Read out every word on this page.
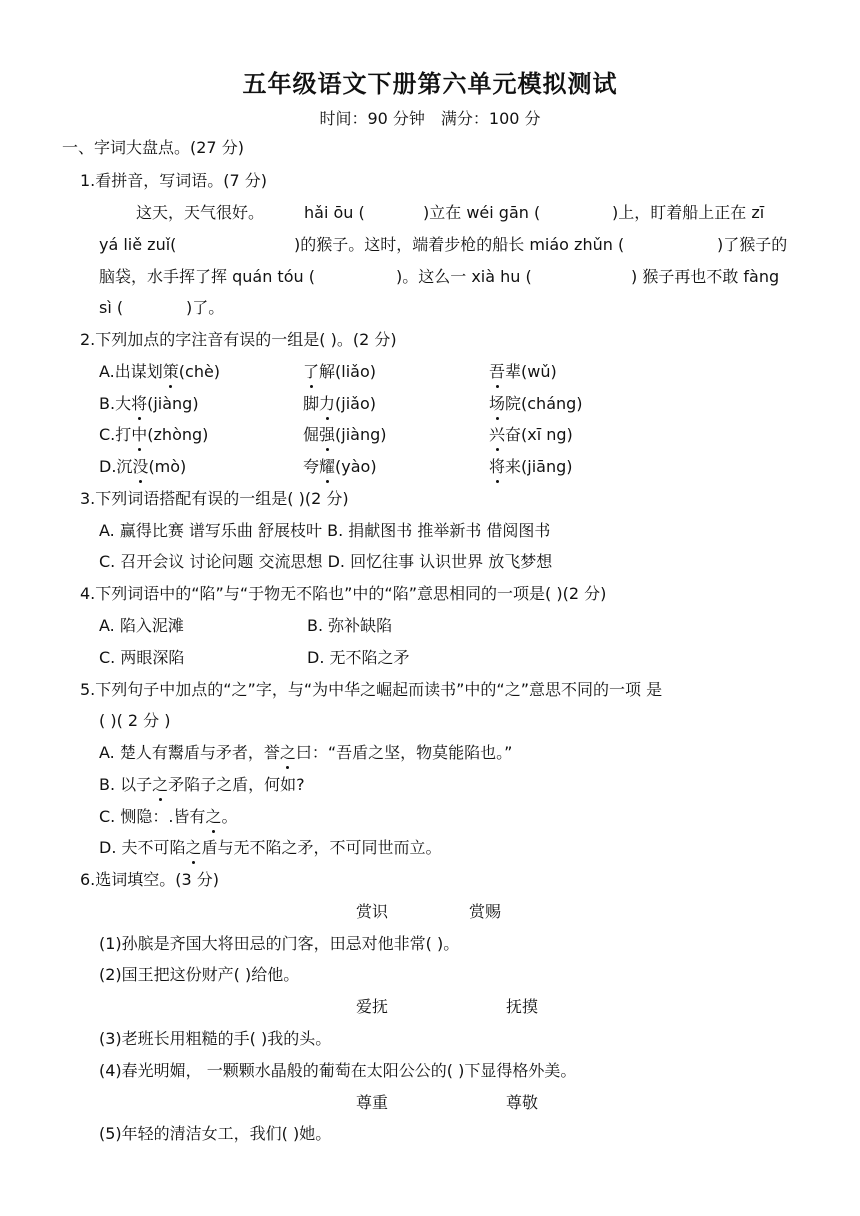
五年级语文下册第六单元模拟测试
时间：90 分钟　满分：100 分
一、字词大盘点。(27 分)
1.看拼音，写词语。(7 分)
这天，天气很好。 hǎi ōu (	)立在 wéi gān (	)上，盯着船上正在 zī
yá liě zuǐ(	)的猴子。这时，端着步枪的船长 miáo zhǔn (	)了猴子的
脑袋，水手挥了挥 quán tóu (	)。这么一 xià hu (	) 猴子再也不敢 fàng
sì (	)了。
2.下列加点的字注音有误的一组是( )。(2 分)
A.出谋划策(chè)	了解(liǎo)	吾辈(wǔ)
B.大将(jiàng)	脚力(jiǎo)	场院(cháng)
C.打中(zhòng)	倔强(jiàng)	兴奋(xī ng)
D.沉没(mò)	夸耀(yào)	将来(jiāng)
3.下列词语搭配有误的一组是( )(2 分)
A. 赢得比赛 谱写乐曲 舒展枝叶 B. 捐献图书 推举新书 借阅图书
C. 召开会议 讨论问题 交流思想 D. 回忆往事 认识世界 放飞梦想
4.下列词语中的“陷”与“于物无不陷也”中的“陷”意思相同的一项是( )(2 分)
A. 陷入泥滩	B. 弥补缺陷
C. 两眼深陷	D. 无不陷之矛
5.下列句子中加点的“之”字，与“为中华之崛起而读书”中的“之”意思不同的一项 是
( )( 2 分 )
A. 楚人有鬻盾与矛者，誉之曰：“吾盾之坚，物莫能陷也。”
B. 以子之矛陷子之盾，何如?
C. 恻隐：.皆有之。
D. 夫不可陷之盾与无不陷之矛，不可同世而立。
6.选词填空。(3 分)
赏识	赏赐
(1)孙膑是齐国大将田忌的门客，田忌对他非常( )。
(2)国王把这份财产( )给他。
爱抚	抚摸
(3)老班长用粗糙的手( )我的头。
(4)春光明媚， 一颗颗水晶般的葡萄在太阳公公的( )下显得格外美。
尊重	尊敬
(5)年轻的清洁女工，我们( )她。
